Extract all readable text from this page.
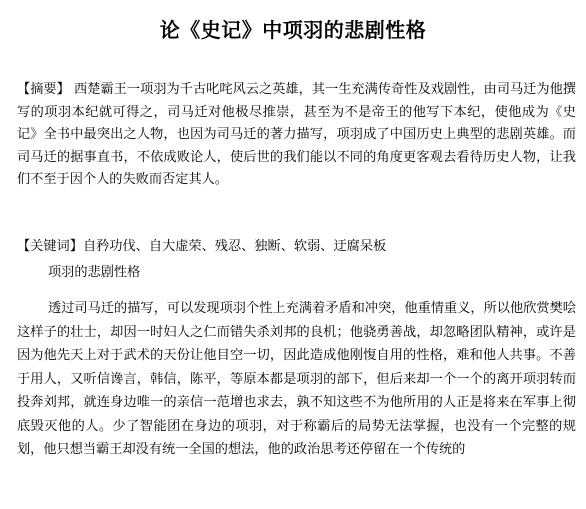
论《史记》中项羽的悲剧性格
【摘要】 西楚霸王一项羽为千古叱咤风云之英雄，其一生充满传奇性及戏剧性，由司马迁为他撰写的项羽本纪就可得之，司马迁对他极尽推崇，甚至为不是帝王的他写下本纪，使他成为《史记》全书中最突出之人物，也因为司马迁的著力描写，项羽成了中国历史上典型的悲剧英雄。而司马迁的据事直书，不依成败论人，使后世的我们能以不同的角度更客观去看待历史人物，让我们不至于因个人的失败而否定其人。
【关键词】自矜功伐、自大虚荣、残忍、独断、软弱、迂腐呆板
项羽的悲剧性格
透过司马迁的描写，可以发现项羽个性上充满着矛盾和冲突，他重情重义，所以他欣赏樊哙这样子的壮士，却因一时妇人之仁而错失杀刘邦的良机；他骁勇善战，却忽略团队精神，或许是因为他先天上对于武术的天份让他目空一切，因此造成他刚愎自用的性格，难和他人共事。不善于用人，又听信谗言，韩信，陈平，等原本都是项羽的部下，但后来却一个一个的离开项羽转而投奔刘邦，就连身边唯一的亲信一范增也求去，孰不知这些不为他所用的人正是将来在军事上彻底毁灭他的人。少了智能团在身边的项羽，对于称霸后的局势无法掌握，也没有一个完整的规划，他只想当霸王却没有统一全国的想法，他的政治思考还停留在一个传统的
